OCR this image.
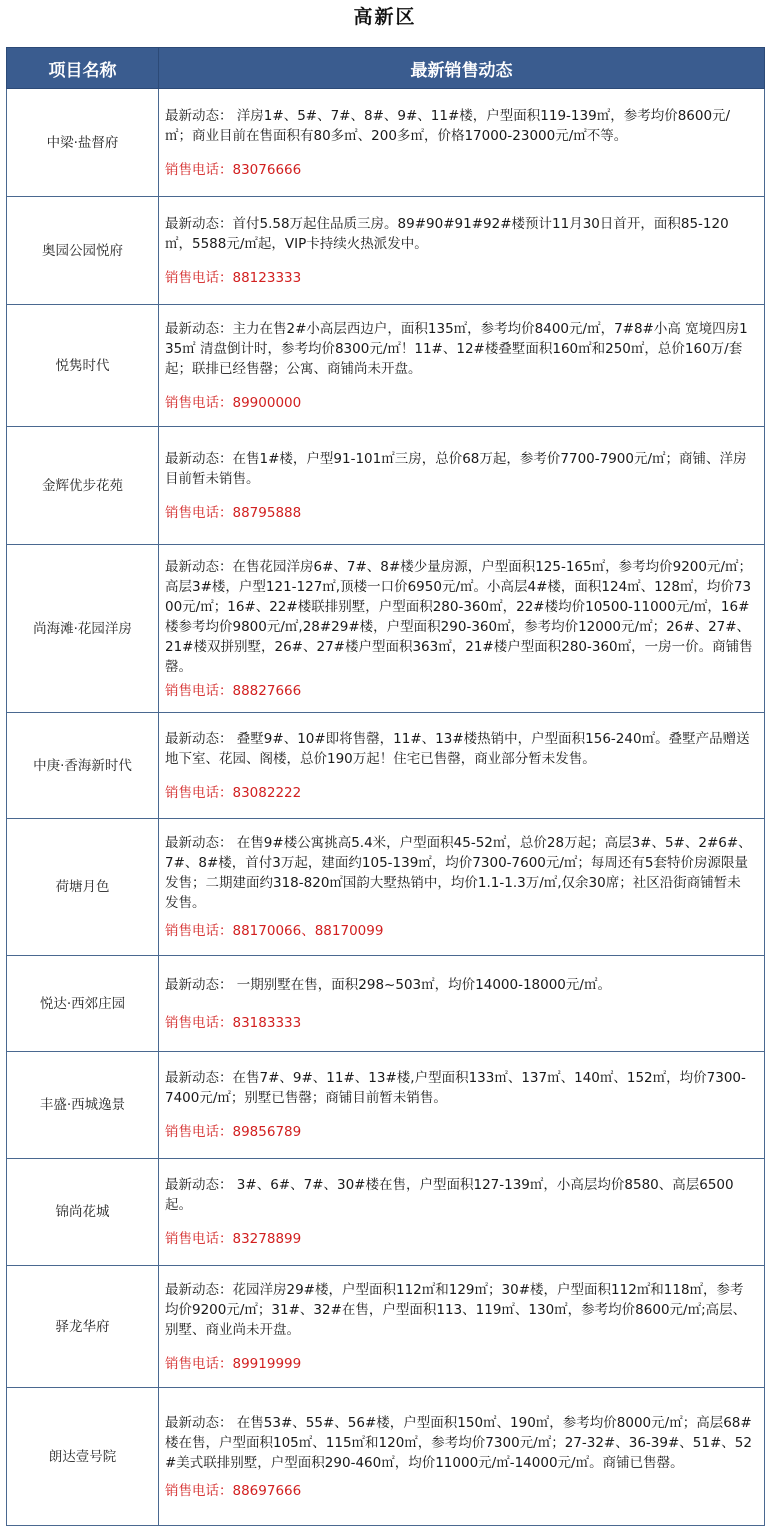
高新区
项目名称	最新销售动态
中梁·盐督府	最新动态： 洋房1#、5#、7#、8#、9#、11#楼，户型面积119-139㎡，参考均价8600元/㎡；商业目前在售面积有80多㎡、200多㎡，价格17000-23000元/㎡不等。
销售电话：83076666

奥园公园悦府	最新动态：首付5.58万起住品质三房。89#90#91#92#楼预计11月30日首开，面积85-120㎡，5588元/㎡起，VIP卡持续火热派发中。
销售电话：88123333

悦隽时代	最新动态：主力在售2#小高层西边户，面积135㎡，参考均价8400元/㎡，7#8#小高 宽境四房135㎡ 清盘倒计时，参考均价8300元/㎡！11#、12#楼叠墅面积160㎡和250㎡，总价160万/套起；联排已经售罄；公寓、商铺尚未开盘。
销售电话：89900000

金辉优步花苑	最新动态：在售1#楼，户型91-101㎡三房，总价68万起，参考价7700-7900元/㎡；商铺、洋房目前暂未销售。
销售电话：88795888

尚海滩·花园洋房	最新动态：在售花园洋房6#、7#、8#楼少量房源，户型面积125-165㎡，参考均价9200元/㎡；高层3#楼，户型121-127㎡,顶楼一口价6950元/㎡。小高层4#楼，面积124㎡、128㎡，均价7300元/㎡；16#、22#楼联排别墅，户型面积280-360㎡，22#楼均价10500-11000元/㎡，16#楼参考均价9800元/㎡,28#29#楼，户型面积290-360㎡，参考均价12000元/㎡；26#、27#、21#楼双拼别墅，26#、27#楼户型面积363㎡，21#楼户型面积280-360㎡，一房一价。商铺售罄。
销售电话：88827666

中庚·香海新时代	最新动态： 叠墅9#、10#即将售罄，11#、13#楼热销中，户型面积156-240㎡。叠墅产品赠送地下室、花园、阁楼，总价190万起！住宅已售罄，商业部分暂未发售。
销售电话：83082222

荷塘月色	最新动态： 在售9#楼公寓挑高5.4米，户型面积45-52㎡，总价28万起；高层3#、5#、2#6#、7#、8#楼，首付3万起，建面约105-139㎡，均价7300-7600元/㎡；每周还有5套特价房源限量发售；二期建面约318-820㎡国韵大墅热销中，均价1.1-1.3万/㎡,仅余30席；社区沿街商铺暂未发售。
销售电话：88170066、88170099

悦达·西郊庄园	最新动态： 一期别墅在售，面积298~503㎡，均价14000-18000元/㎡。
销售电话：83183333

丰盛·西城逸景	最新动态：在售7#、9#、11#、13#楼,户型面积133㎡、137㎡、140㎡、152㎡，均价7300-7400元/㎡；别墅已售罄；商铺目前暂未销售。
销售电话：89856789

锦尚花城	最新动态： 3#、6#、7#、30#楼在售，户型面积127-139㎡，小高层均价8580、高层6500起。
销售电话：83278899

驿龙华府	最新动态：花园洋房29#楼，户型面积112㎡和129㎡；30#楼，户型面积112㎡和118㎡，参考均价9200元/㎡；31#、32#在售，户型面积113、119㎡、130㎡，参考均价8600元/㎡;高层、别墅、商业尚未开盘。
销售电话：89919999

朗达壹号院	最新动态： 在售53#、55#、56#楼，户型面积150㎡、190㎡，参考均价8000元/㎡；高层68#楼在售，户型面积105㎡、115㎡和120㎡，参考均价7300元/㎡；27-32#、36-39#、51#、52#美式联排别墅，户型面积290-460㎡，均价11000元/㎡-14000元/㎡。商铺已售罄。
销售电话：88697666
